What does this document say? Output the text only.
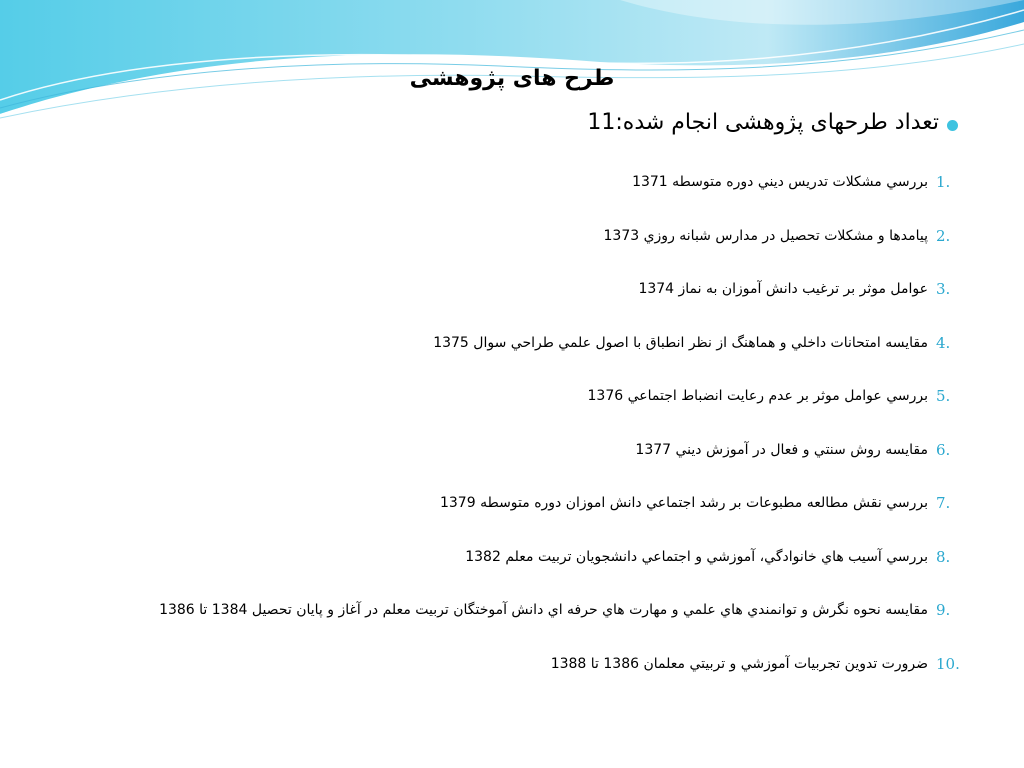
طرح های پژوهشی
تعداد طرحهای پژوهشی انجام شده:11
1.
بررسي مشكلات تدريس ديني دوره متوسطه 1371
2.
پيامدها و مشكلات تحصيل در مدارس شبانه روزي 1373
3.
عوامل موثر بر ترغيب دانش آموزان به نماز 1374
4.
مقايسه امتحانات داخلي و هماهنگ از نظر انطباق با اصول علمي طراحي سوال 1375
5.
بررسي عوامل موثر بر عدم رعايت انضباط اجتماعي 1376
6.
مقايسه روش سنتي و فعال در آموزش ديني 1377
7.
بررسي نقش مطالعه مطبوعات بر رشد اجتماعي دانش اموزان دوره متوسطه 1379
8.
بررسي آسيب هاي خانوادگي، آموزشي و اجتماعي دانشجويان تربيت معلم 1382
9.
مقايسه نحوه نگرش و توانمندي هاي علمي و مهارت هاي حرفه اي دانش آموختگان تربيت معلم در آغاز و پايان تحصيل 1384 تا 1386
10.
ضرورت تدوين تجربيات آموزشي و تربيتي معلمان 1386 تا 1388
